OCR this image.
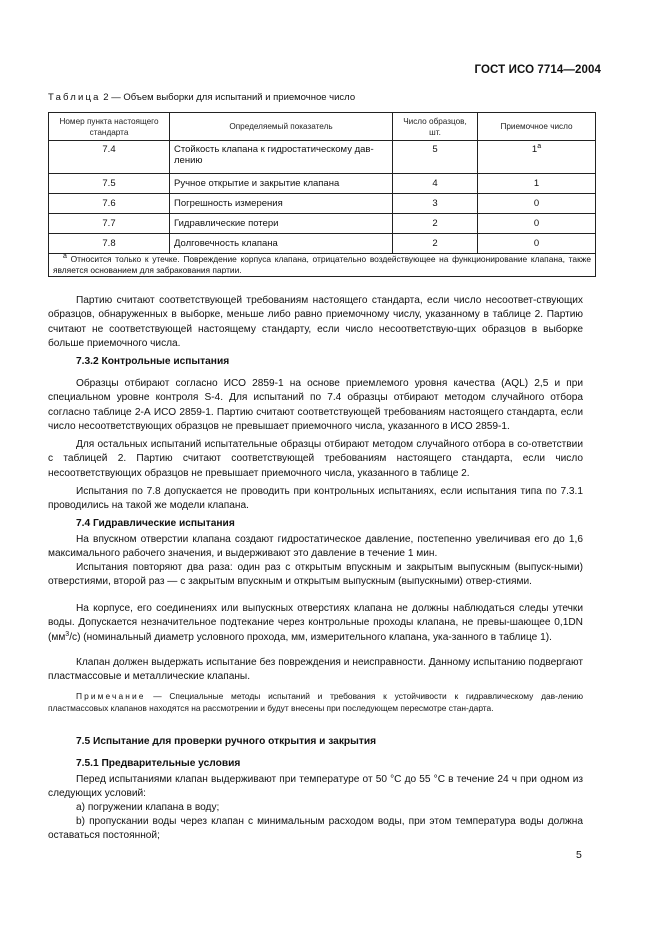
ГОСТ ИСО 7714—2004
Таблица 2 — Объем выборки для испытаний и приемочное число
Номер пункта настоящего стандарта	Определяемый показатель	Число образцов, шт.	Приемочное число
7.4	Стойкость клапана к гидростатическому дав-лению	5	$1^а$
7.5	Ручное открытие и закрытие клапана	4	1
7.6	Погрешность измерения	3	0
7.7	Гидравлические потери	2	0
7.8	Долговечность клапана	2	0
$^а$ Относится только к утечке. Повреждение корпуса клапана, отрицательно воздействующее на функционирование клапана, также является основанием для забракования партии.			
Партию считают соответствующей требованиям настоящего стандарта, если число несоответ-ствующих образцов, обнаруженных в выборке, меньше либо равно приемочному числу, указанному в таблице 2. Партию считают не соответствующей настоящему стандарту, если число несоответствую-щих образцов в выборке больше приемочного числа.
7.3.2 Контрольные испытания
Образцы отбирают согласно ИСО 2859-1 на основе приемлемого уровня качества (AQL) 2,5 и при специальном уровне контроля S-4. Для испытаний по 7.4 образцы отбирают методом случайного отбора согласно таблице 2-А ИСО 2859-1. Партию считают соответствующей требованиям настоящего стандарта, если число несоответствующих образцов не превышает приемочного числа, указанного в ИСО 2859-1.
Для остальных испытаний испытательные образцы отбирают методом случайного отбора в со-ответствии с таблицей 2. Партию считают соответствующей требованиям настоящего стандарта, если число несоответствующих образцов не превышает приемочного числа, указанного в таблице 2.
Испытания по 7.8 допускается не проводить при контрольных испытаниях, если испытания типа по 7.3.1 проводились на такой же модели клапана.
7.4 Гидравлические испытания
На впускном отверстии клапана создают гидростатическое давление, постепенно увеличивая его до 1,6 максимального рабочего значения, и выдерживают это давление в течение 1 мин.
Испытания повторяют два раза: один раз с открытым впускным и закрытым выпускным (выпуск-ными) отверстиями, второй раз — с закрытым впускным и открытым выпускным (выпускными) отвер-стиями.
На корпусе, его соединениях или выпускных отверстиях клапана не должны наблюдаться следы утечки воды. Допускается незначительное подтекание через контрольные проходы клапана, не превы-шающее 0,1DN $(мм^3/с)$ (номинальный диаметр условного прохода, мм, измерительного клапана, ука-занного в таблице 1).
Клапан должен выдержать испытание без повреждения и неисправности. Данному испытанию подвергают пластмассовые и металлические клапаны.
Примечание — Специальные методы испытаний и требования к устойчивости к гидравлическому дав-лению пластмассовых клапанов находятся на рассмотрении и будут внесены при последующем пересмотре стан-дарта.
7.5 Испытание для проверки ручного открытия и закрытия
7.5.1 Предварительные условия
Перед испытаниями клапан выдерживают при температуре от 50 °С до 55 °С в течение 24 ч при одном из следующих условий:
а) погружении клапана в воду;
b) пропускании воды через клапан с минимальным расходом воды, при этом температура воды должна оставаться постоянной;
5
